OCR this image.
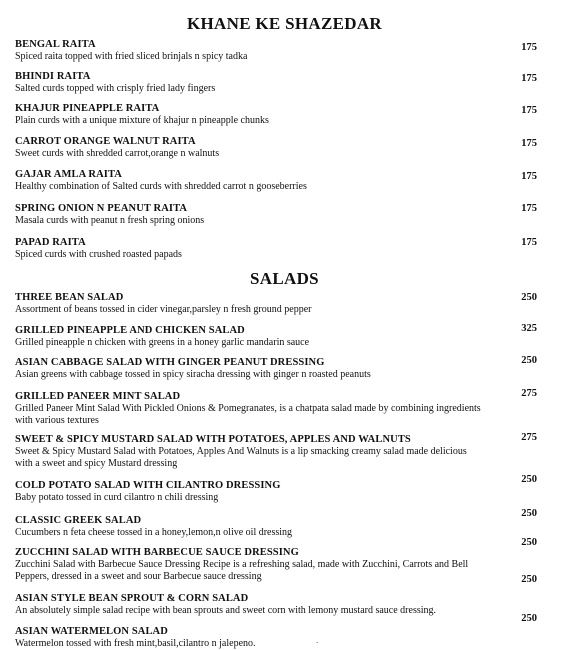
KHANE KE SHAZEDAR
BENGAL RAITA
Spiced raita topped with fried sliced brinjals n spicy tadka
175
BHINDI RAITA
Salted curds topped with crisply fried lady fingers
175
KHAJUR PINEAPPLE RAITA
Plain curds with a unique mixture of khajur n pineapple chunks
175
CARROT ORANGE WALNUT RAITA
Sweet curds with shredded carrot,orange n walnuts
175
GAJAR AMLA RAITA
Healthy combination of Salted curds with shredded carrot n gooseberries
175
SPRING ONION N PEANUT RAITA
Masala curds with peanut n fresh spring onions
175
PAPAD RAITA
Spiced curds with crushed roasted papads
175
SALADS
THREE BEAN SALAD
Assortment of beans tossed in cider vinegar,parsley n fresh ground pepper
250
GRILLED PINEAPPLE AND CHICKEN SALAD
Grilled pineapple n chicken with greens in a honey garlic mandarin sauce
325
ASIAN CABBAGE SALAD WITH GINGER PEANUT DRESSING
Asian greens with cabbage tossed in spicy siracha dressing with ginger n roasted peanuts
250
GRILLED PANEER MINT SALAD
Grilled Paneer Mint Salad With Pickled Onions & Pomegranates, is a chatpata salad made by combining ingredients with various textures
275
SWEET & SPICY MUSTARD SALAD WITH POTATOES, APPLES AND WALNUTS
Sweet & Spicy Mustard Salad with Potatoes, Apples And Walnuts is a lip smacking creamy salad made delicious with a sweet and spicy Mustard dressing
275
COLD POTATO SALAD WITH CILANTRO DRESSING
Baby potato tossed in curd cilantro n chili dressing
250
CLASSIC GREEK SALAD
Cucumbers n feta cheese tossed in a honey,lemon,n olive oil dressing
250
ZUCCHINI SALAD WITH BARBECUE SAUCE DRESSING
Zucchini Salad with Barbecue Sauce Dressing Recipe is a refreshing salad, made with Zucchini, Carrots and Bell Peppers, dressed in a sweet and sour Barbecue sauce dressing
250
ASIAN STYLE BEAN SPROUT & CORN SALAD
An absolutely simple salad recipe with bean sprouts and sweet corn with lemony mustard sauce dressing.
250
ASIAN WATERMELON SALAD
Watermelon tossed with fresh mint,basil,cilantro n jalepeno.
250
.
